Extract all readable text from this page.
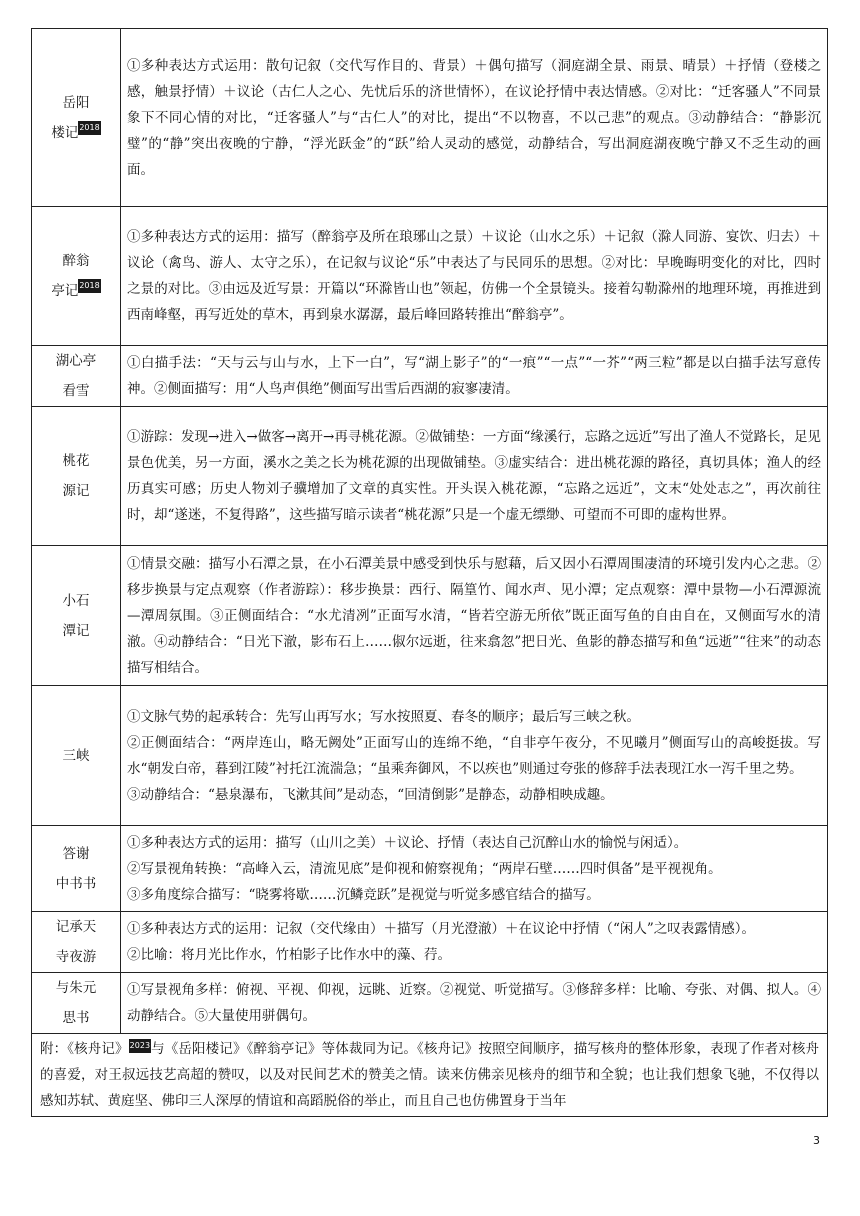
岳阳
楼记2018	①多种表达方式运用：散句记叙（交代写作目的、背景）＋偶句描写（洞庭湖全景、雨景、晴景）＋抒情（登楼之感，触景抒情）＋议论（古仁人之心、先忧后乐的济世情怀），在议论抒情中表达情感。②对比：“迁客骚人”不同景象下不同心情的对比，“迁客骚人”与“古仁人”的对比，提出“不以物喜，不以己悲”的观点。③动静结合：“静影沉璧”的“静”突出夜晚的宁静，“浮光跃金”的“跃”给人灵动的感觉，动静结合，写出洞庭湖夜晚宁静又不乏生动的画面。

醉翁
亭记2018	①多种表达方式的运用：描写（醉翁亭及所在琅琊山之景）＋议论（山水之乐）＋记叙（滁人同游、宴饮、归去）＋议论（禽鸟、游人、太守之乐），在记叙与议论“乐”中表达了与民同乐的思想。②对比：早晚晦明变化的对比，四时之景的对比。③由远及近写景：开篇以“环滁皆山也”领起，仿佛一个全景镜头。接着勾勒滁州的地理环境，再推进到西南峰壑，再写近处的草木，再到泉水潺潺，最后峰回路转推出“醉翁亭”。

湖心亭
看雪	①白描手法：“天与云与山与水，上下一白”，写“湖上影子”的“一痕”“一点”“一芥”“两三粒”都是以白描手法写意传神。②侧面描写：用“人鸟声俱绝”侧面写出雪后西湖的寂寥凄清。

桃花
源记	①游踪：发现→进入→做客→离开→再寻桃花源。②做铺垫：一方面“缘溪行，忘路之远近”写出了渔人不觉路长，足见景色优美，另一方面，溪水之美之长为桃花源的出现做铺垫。③虚实结合：进出桃花源的路径，真切具体；渔人的经历真实可感；历史人物刘子骥增加了文章的真实性。开头误入桃花源，“忘路之远近”，文末“处处志之”，再次前往时，却“遂迷，不复得路”，这些描写暗示读者“桃花源”只是一个虚无缥缈、可望而不可即的虚构世界。

小石
潭记	①情景交融：描写小石潭之景，在小石潭美景中感受到快乐与慰藉，后又因小石潭周围凄清的环境引发内心之悲。②移步换景与定点观察（作者游踪）：移步换景：西行、隔篁竹、闻水声、见小潭；定点观察：潭中景物—小石潭源流—潭周氛围。③正侧面结合：“水尤清冽”正面写水清，“皆若空游无所依”既正面写鱼的自由自在，又侧面写水的清澈。④动静结合：“日光下澈，影布石上……俶尔远逝，往来翕忽”把日光、鱼影的静态描写和鱼“远逝”“往来”的动态描写相结合。

三峡	①文脉气势的起承转合：先写山再写水；写水按照夏、春冬的顺序；最后写三峡之秋。
②正侧面结合：“两岸连山，略无阙处”正面写山的连绵不绝，“自非亭午夜分，不见曦月”侧面写山的高峻挺拔。写水“朝发白帝，暮到江陵”衬托江流湍急；“虽乘奔御风，不以疾也”则通过夸张的修辞手法表现江水一泻千里之势。
③动静结合：“悬泉瀑布，飞漱其间”是动态，“回清倒影”是静态，动静相映成趣。

答谢
中书书	①多种表达方式的运用：描写（山川之美）＋议论、抒情（表达自己沉醉山水的愉悦与闲适）。
②写景视角转换：“高峰入云，清流见底”是仰视和俯察视角；“两岸石壁……四时俱备”是平视视角。
③多角度综合描写：“晓雾将歇……沉鳞竞跃”是视觉与听觉多感官结合的描写。

记承天
寺夜游	①多种表达方式的运用：记叙（交代缘由）＋描写（月光澄澈）＋在议论中抒情（“闲人”之叹表露情感）。
②比喻：将月光比作水，竹柏影子比作水中的藻、荇。

与朱元
思书	①写景视角多样：俯视、平视、仰视，远眺、近察。②视觉、听觉描写。③修辞多样：比喻、夸张、对偶、拟人。④动静结合。⑤大量使用骈偶句。

附：《核舟记》2023与《岳阳楼记》《醉翁亭记》等体裁同为记。《核舟记》按照空间顺序，描写核舟的整体形象，表现了作者对核舟的喜爱，对王叔远技艺高超的赞叹，以及对民间艺术的赞美之情。读来仿佛亲见核舟的细节和全貌；也让我们想象飞驰，不仅得以感知苏轼、黄庭坚、佛印三人深厚的情谊和高蹈脱俗的举止，而且自己也仿佛置身于当年	
3
